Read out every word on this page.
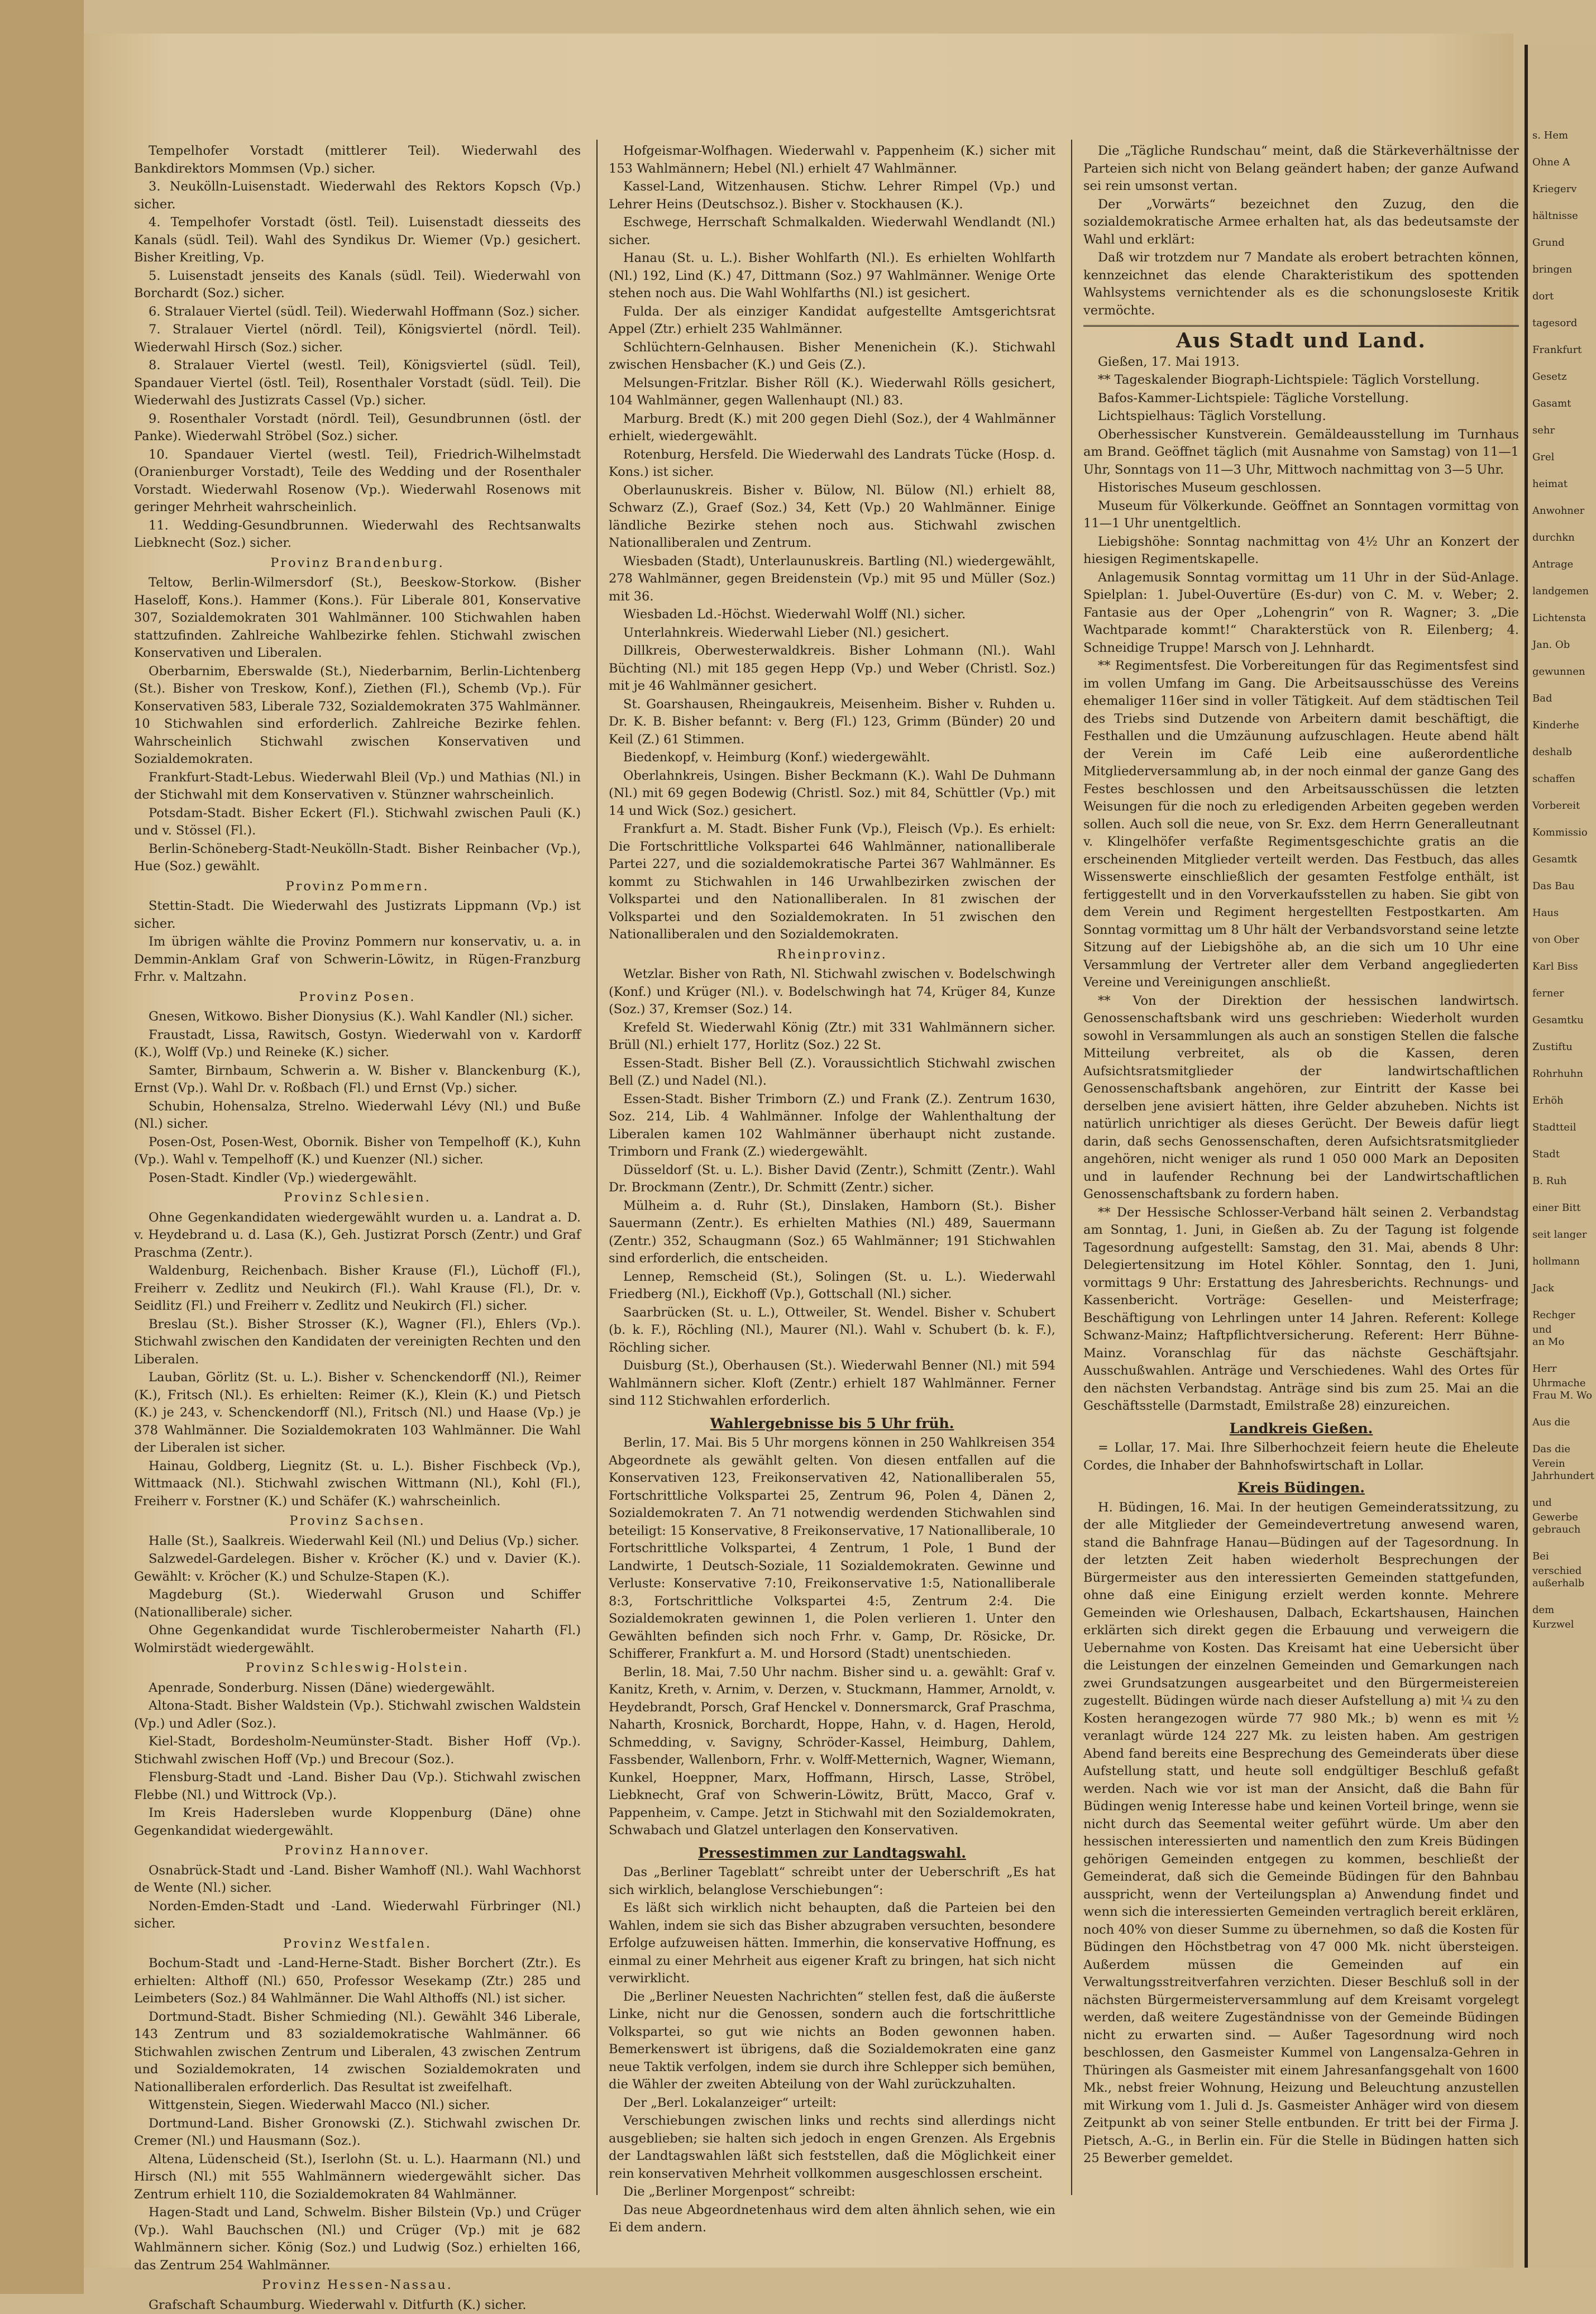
Tempelhofer Vorstadt (mittlerer Teil). Wiederwahl des Bankdirektors Mommsen (Vp.) sicher.

3. Neukölln-Luisenstadt. Wiederwahl des Rektors Kopsch (Vp.) sicher.

4. Tempelhofer Vorstadt (östl. Teil). Luisenstadt diesseits des Kanals (südl. Teil). Wahl des Syndikus Dr. Wiemer (Vp.) gesichert. Bisher Kreitling, Vp.

5. Luisenstadt jenseits des Kanals (südl. Teil). Wiederwahl von Borchardt (Soz.) sicher.

6. Stralauer Viertel (südl. Teil). Wiederwahl Hoffmann (Soz.) sicher.

7. Stralauer Viertel (nördl. Teil), Königsviertel (nördl. Teil). Wiederwahl Hirsch (Soz.) sicher.

8. Stralauer Viertel (westl. Teil), Königsviertel (südl. Teil), Spandauer Viertel (östl. Teil), Rosenthaler Vorstadt (südl. Teil). Die Wiederwahl des Justizrats Cassel (Vp.) sicher.

9. Rosenthaler Vorstadt (nördl. Teil), Gesundbrunnen (östl. der Panke). Wiederwahl Ströbel (Soz.) sicher.

10. Spandauer Viertel (westl. Teil), Friedrich-Wilhelmstadt (Oranienburger Vorstadt), Teile des Wedding und der Rosenthaler Vorstadt. Wiederwahl Rosenow (Vp.). Wiederwahl Rosenows mit geringer Mehrheit wahrscheinlich.

11. Wedding-Gesundbrunnen. Wiederwahl des Rechtsanwalts Liebknecht (Soz.) sicher.

Provinz Brandenburg.

Teltow, Berlin-Wilmersdorf (St.), Beeskow-Storkow. (Bisher Haseloff, Kons.). Hammer (Kons.). Für Liberale 801, Konservative 307, Sozialdemokraten 301 Wahlmänner. 100 Stichwahlen haben stattzufinden. Zahlreiche Wahlbezirke fehlen. Stichwahl zwischen Konservativen und Liberalen.

Oberbarnim, Eberswalde (St.), Niederbarnim, Berlin-Lichtenberg (St.). Bisher von Treskow, Konf.), Ziethen (Fl.), Schemb (Vp.). Für Konservativen 583, Liberale 732, Sozialdemokraten 375 Wahlmänner. 10 Stichwahlen sind erforderlich. Zahlreiche Bezirke fehlen. Wahrscheinlich Stichwahl zwischen Konservativen und Sozialdemokraten.

Frankfurt-Stadt-Lebus. Wiederwahl Bleil (Vp.) und Mathias (Nl.) in der Stichwahl mit dem Konservativen v. Stünzner wahrscheinlich.

Potsdam-Stadt. Bisher Eckert (Fl.). Stichwahl zwischen Pauli (K.) und v. Stössel (Fl.).

Berlin-Schöneberg-Stadt-Neukölln-Stadt. Bisher Reinbacher (Vp.), Hue (Soz.) gewählt.

Provinz Pommern.

Stettin-Stadt. Die Wiederwahl des Justizrats Lippmann (Vp.) ist sicher.

Im übrigen wählte die Provinz Pommern nur konservativ, u. a. in Demmin-Anklam Graf von Schwerin-Löwitz, in Rügen-Franzburg Frhr. v. Maltzahn.

Provinz Posen.

Gnesen, Witkowo. Bisher Dionysius (K.). Wahl Kandler (Nl.) sicher.

Fraustadt, Lissa, Rawitsch, Gostyn. Wiederwahl von v. Kardorff (K.), Wolff (Vp.) und Reineke (K.) sicher.

Samter, Birnbaum, Schwerin a. W. Bisher v. Blanckenburg (K.), Ernst (Vp.). Wahl Dr. v. Roßbach (Fl.) und Ernst (Vp.) sicher.

Schubin, Hohensalza, Strelno. Wiederwahl Lévy (Nl.) und Buße (Nl.) sicher.

Posen-Ost, Posen-West, Obornik. Bisher von Tempelhoff (K.), Kuhn (Vp.). Wahl v. Tempelhoff (K.) und Kuenzer (Nl.) sicher.

Posen-Stadt. Kindler (Vp.) wiedergewählt.

Provinz Schlesien.

Ohne Gegenkandidaten wiedergewählt wurden u. a. Landrat a. D. v. Heydebrand u. d. Lasa (K.), Geh. Justizrat Porsch (Zentr.) und Graf Praschma (Zentr.).

Waldenburg, Reichenbach. Bisher Krause (Fl.), Lüchoff (Fl.), Freiherr v. Zedlitz und Neukirch (Fl.). Wahl Krause (Fl.), Dr. v. Seidlitz (Fl.) und Freiherr v. Zedlitz und Neukirch (Fl.) sicher.

Breslau (St.). Bisher Strosser (K.), Wagner (Fl.), Ehlers (Vp.). Stichwahl zwischen den Kandidaten der vereinigten Rechten und den Liberalen.

Lauban, Görlitz (St. u. L.). Bisher v. Schenckendorff (Nl.), Reimer (K.), Fritsch (Nl.). Es erhielten: Reimer (K.), Klein (K.) und Pietsch (K.) je 243, v. Schenckendorff (Nl.), Fritsch (Nl.) und Haase (Vp.) je 378 Wahlmänner. Die Sozialdemokraten 103 Wahlmänner. Die Wahl der Liberalen ist sicher.

Hainau, Goldberg, Liegnitz (St. u. L.). Bisher Fischbeck (Vp.), Wittmaack (Nl.). Stichwahl zwischen Wittmann (Nl.), Kohl (Fl.), Freiherr v. Forstner (K.) und Schäfer (K.) wahrscheinlich.

Provinz Sachsen.

Halle (St.), Saalkreis. Wiederwahl Keil (Nl.) und Delius (Vp.) sicher.

Salzwedel-Gardelegen. Bisher v. Kröcher (K.) und v. Davier (K.). Gewählt: v. Kröcher (K.) und Schulze-Stapen (K.).

Magdeburg (St.). Wiederwahl Gruson und Schiffer (Nationalliberale) sicher.

Ohne Gegenkandidat wurde Tischlerobermeister Naharth (Fl.) Wolmirstädt wiedergewählt.

Provinz Schleswig-Holstein.

Apenrade, Sonderburg. Nissen (Däne) wiedergewählt.

Altona-Stadt. Bisher Waldstein (Vp.). Stichwahl zwischen Waldstein (Vp.) und Adler (Soz.).

Kiel-Stadt, Bordesholm-Neumünster-Stadt. Bisher Hoff (Vp.). Stichwahl zwischen Hoff (Vp.) und Brecour (Soz.).

Flensburg-Stadt und -Land. Bisher Dau (Vp.). Stichwahl zwischen Flebbe (Nl.) und Wittrock (Vp.).

Im Kreis Hadersleben wurde Kloppenburg (Däne) ohne Gegenkandidat wiedergewählt.

Provinz Hannover.

Osnabrück-Stadt und -Land. Bisher Wamhoff (Nl.). Wahl Wachhorst de Wente (Nl.) sicher.

Norden-Emden-Stadt und -Land. Wiederwahl Fürbringer (Nl.) sicher.

Provinz Westfalen.

Bochum-Stadt und -Land-Herne-Stadt. Bisher Borchert (Ztr.). Es erhielten: Althoff (Nl.) 650, Professor Wesekamp (Ztr.) 285 und Leimbeters (Soz.) 84 Wahlmänner. Die Wahl Althoffs (Nl.) ist sicher.

Dortmund-Stadt. Bisher Schmieding (Nl.). Gewählt 346 Liberale, 143 Zentrum und 83 sozialdemokratische Wahlmänner. 66 Stichwahlen zwischen Zentrum und Liberalen, 43 zwischen Zentrum und Sozialdemokraten, 14 zwischen Sozialdemokraten und Nationalliberalen erforderlich. Das Resultat ist zweifelhaft.

Wittgenstein, Siegen. Wiederwahl Macco (Nl.) sicher.

Dortmund-Land. Bisher Gronowski (Z.). Stichwahl zwischen Dr. Cremer (Nl.) und Hausmann (Soz.).

Altena, Lüdenscheid (St.), Iserlohn (St. u. L.). Haarmann (Nl.) und Hirsch (Nl.) mit 555 Wahlmännern wiedergewählt sicher. Das Zentrum erhielt 110, die Sozialdemokraten 84 Wahlmänner.

Hagen-Stadt und Land, Schwelm. Bisher Bilstein (Vp.) und Crüger (Vp.). Wahl Bauchschen (Nl.) und Crüger (Vp.) mit je 682 Wahlmännern sicher. König (Soz.) und Ludwig (Soz.) erhielten 166, das Zentrum 254 Wahlmänner.

Provinz Hessen-Nassau.

Grafschaft Schaumburg. Wiederwahl v. Ditfurth (K.) sicher.

Hofgeismar-Wolfhagen. Wiederwahl v. Pappenheim (K.) sicher mit 153 Wahlmännern; Hebel (Nl.) erhielt 47 Wahlmänner.

Kassel-Land, Witzenhausen. Stichw. Lehrer Rimpel (Vp.) und Lehrer Heins (Deutschsoz.). Bisher v. Stockhausen (K.).

Eschwege, Herrschaft Schmalkalden. Wiederwahl Wendlandt (Nl.) sicher.

Hanau (St. u. L.). Bisher Wohlfarth (Nl.). Es erhielten Wohlfarth (Nl.) 192, Lind (K.) 47, Dittmann (Soz.) 97 Wahlmänner. Wenige Orte stehen noch aus. Die Wahl Wohlfarths (Nl.) ist gesichert.

Fulda. Der als einziger Kandidat aufgestellte Amtsgerichtsrat Appel (Ztr.) erhielt 235 Wahlmänner.

Schlüchtern-Gelnhausen. Bisher Menenichein (K.). Stichwahl zwischen Hensbacher (K.) und Geis (Z.).

Melsungen-Fritzlar. Bisher Röll (K.). Wiederwahl Rölls gesichert, 104 Wahlmänner, gegen Wallenhaupt (Nl.) 83.

Marburg. Bredt (K.) mit 200 gegen Diehl (Soz.), der 4 Wahlmänner erhielt, wiedergewählt.

Rotenburg, Hersfeld. Die Wiederwahl des Landrats Tücke (Hosp. d. Kons.) ist sicher.

Oberlaunuskreis. Bisher v. Bülow, Nl. Bülow (Nl.) erhielt 88, Schwarz (Z.), Graef (Soz.) 34, Kett (Vp.) 20 Wahlmänner. Einige ländliche Bezirke stehen noch aus. Stichwahl zwischen Nationalliberalen und Zentrum.

Wiesbaden (Stadt), Unterlaunuskreis. Bartling (Nl.) wiedergewählt, 278 Wahlmänner, gegen Breidenstein (Vp.) mit 95 und Müller (Soz.) mit 36.

Wiesbaden Ld.-Höchst. Wiederwahl Wolff (Nl.) sicher.

Unterlahnkreis. Wiederwahl Lieber (Nl.) gesichert.

Dillkreis, Oberwesterwaldkreis. Bisher Lohmann (Nl.). Wahl Büchting (Nl.) mit 185 gegen Hepp (Vp.) und Weber (Christl. Soz.) mit je 46 Wahlmänner gesichert.

St. Goarshausen, Rheingaukreis, Meisenheim. Bisher v. Ruhden u. Dr. K. B. Bisher befannt: v. Berg (Fl.) 123, Grimm (Bünder) 20 und Keil (Z.) 61 Stimmen.

Biedenkopf, v. Heimburg (Konf.) wiedergewählt.

Oberlahnkreis, Usingen. Bisher Beckmann (K.). Wahl De Duhmann (Nl.) mit 69 gegen Bodewig (Christl. Soz.) mit 84, Schüttler (Vp.) mit 14 und Wick (Soz.) gesichert.

Frankfurt a. M. Stadt. Bisher Funk (Vp.), Fleisch (Vp.). Es erhielt: Die Fortschrittliche Volkspartei 646 Wahlmänner, nationalliberale Partei 227, und die sozialdemokratische Partei 367 Wahlmänner. Es kommt zu Stichwahlen in 146 Urwahlbezirken zwischen der Volkspartei und den Nationalliberalen. In 81 zwischen der Volkspartei und den Sozialdemokraten. In 51 zwischen den Nationalliberalen und den Sozialdemokraten.

Rheinprovinz.

Wetzlar. Bisher von Rath, Nl. Stichwahl zwischen v. Bodelschwingh (Konf.) und Krüger (Nl.). v. Bodelschwingh hat 74, Krüger 84, Kunze (Soz.) 37, Kremser (Soz.) 14.

Krefeld St. Wiederwahl König (Ztr.) mit 331 Wahlmännern sicher. Brüll (Nl.) erhielt 177, Horlitz (Soz.) 22 St.

Essen-Stadt. Bisher Bell (Z.). Voraussichtlich Stichwahl zwischen Bell (Z.) und Nadel (Nl.).

Essen-Stadt. Bisher Trimborn (Z.) und Frank (Z.). Zentrum 1630, Soz. 214, Lib. 4 Wahlmänner. Infolge der Wahlenthaltung der Liberalen kamen 102 Wahlmänner überhaupt nicht zustande. Trimborn und Frank (Z.) wiedergewählt.

Düsseldorf (St. u. L.). Bisher David (Zentr.), Schmitt (Zentr.). Wahl Dr. Brockmann (Zentr.), Dr. Schmitt (Zentr.) sicher.

Mülheim a. d. Ruhr (St.), Dinslaken, Hamborn (St.). Bisher Sauermann (Zentr.). Es erhielten Mathies (Nl.) 489, Sauermann (Zentr.) 352, Schaugmann (Soz.) 65 Wahlmänner; 191 Stichwahlen sind erforderlich, die entscheiden.

Lennep, Remscheid (St.), Solingen (St. u. L.). Wiederwahl Friedberg (Nl.), Eickhoff (Vp.), Gottschall (Nl.) sicher.

Saarbrücken (St. u. L.), Ottweiler, St. Wendel. Bisher v. Schubert (b. k. F.), Röchling (Nl.), Maurer (Nl.). Wahl v. Schubert (b. k. F.), Röchling sicher.

Duisburg (St.), Oberhausen (St.). Wiederwahl Benner (Nl.) mit 594 Wahlmännern sicher. Kloft (Zentr.) erhielt 187 Wahlmänner. Ferner sind 112 Stichwahlen erforderlich.

Wahlergebnisse bis 5 Uhr früh.

Berlin, 17. Mai. Bis 5 Uhr morgens können in 250 Wahlkreisen 354 Abgeordnete als gewählt gelten. Von diesen entfallen auf die Konservativen 123, Freikonservativen 42, Nationalliberalen 55, Fortschrittliche Volkspartei 25, Zentrum 96, Polen 4, Dänen 2, Sozialdemokraten 7. An 71 notwendig werdenden Stichwahlen sind beteiligt: 15 Konservative, 8 Freikonservative, 17 Nationalliberale, 10 Fortschrittliche Volkspartei, 4 Zentrum, 1 Pole, 1 Bund der Landwirte, 1 Deutsch-Soziale, 11 Sozialdemokraten. Gewinne und Verluste: Konservative 7:10, Freikonservative 1:5, Nationalliberale 8:3, Fortschrittliche Volkspartei 4:5, Zentrum 2:4. Die Sozialdemokraten gewinnen 1, die Polen verlieren 1. Unter den Gewählten befinden sich noch Frhr. v. Gamp, Dr. Rösicke, Dr. Schifferer, Frankfurt a. M. und Horsord (Stadt) unentschieden.

Berlin, 18. Mai, 7.50 Uhr nachm. Bisher sind u. a. gewählt: Graf v. Kanitz, Kreth, v. Arnim, v. Derzen, v. Stuckmann, Hammer, Arnoldt, v. Heydebrandt, Porsch, Graf Henckel v. Donnersmarck, Graf Praschma, Naharth, Krosnick, Borchardt, Hoppe, Hahn, v. d. Hagen, Herold, Schmedding, v. Savigny, Schröder-Kassel, Heimburg, Dahlem, Fassbender, Wallenborn, Frhr. v. Wolff-Metternich, Wagner, Wiemann, Kunkel, Hoeppner, Marx, Hoffmann, Hirsch, Lasse, Ströbel, Liebknecht, Graf von Schwerin-Löwitz, Brütt, Macco, Graf v. Pappenheim, v. Campe. Jetzt in Stichwahl mit den Sozialdemokraten, Schwabach und Glatzel unterlagen den Konservativen.

Pressestimmen zur Landtagswahl.

Das „Berliner Tageblatt“ schreibt unter der Ueberschrift „Es hat sich wirklich, belanglose Verschiebungen“:

Es läßt sich wirklich nicht behaupten, daß die Parteien bei den Wahlen, indem sie sich das Bisher abzugraben versuchten, besondere Erfolge aufzuweisen hätten. Immerhin, die konservative Hoffnung, es einmal zu einer Mehrheit aus eigener Kraft zu bringen, hat sich nicht verwirklicht.

Die „Berliner Neuesten Nachrichten“ stellen fest, daß die äußerste Linke, nicht nur die Genossen, sondern auch die fortschrittliche Volkspartei, so gut wie nichts an Boden gewonnen haben. Bemerkenswert ist übrigens, daß die Sozialdemokraten eine ganz neue Taktik verfolgen, indem sie durch ihre Schlepper sich bemühen, die Wähler der zweiten Abteilung von der Wahl zurückzuhalten.

Der „Berl. Lokalanzeiger“ urteilt:

Verschiebungen zwischen links und rechts sind allerdings nicht ausgeblieben; sie halten sich jedoch in engen Grenzen. Als Ergebnis der Landtagswahlen läßt sich feststellen, daß die Möglichkeit einer rein konservativen Mehrheit vollkommen ausgeschlossen erscheint.

Die „Berliner Morgenpost“ schreibt:

Das neue Abgeordnetenhaus wird dem alten ähnlich sehen, wie ein Ei dem andern.

Die „Tägliche Rundschau“ meint, daß die Stärkeverhältnisse der Parteien sich nicht von Belang geändert haben; der ganze Aufwand sei rein umsonst vertan.

Der „Vorwärts“ bezeichnet den Zuzug, den die sozialdemokratische Armee erhalten hat, als das bedeutsamste der Wahl und erklärt:

Daß wir trotzdem nur 7 Mandate als erobert betrachten können, kennzeichnet das elende Charakteristikum des spottenden Wahlsystems vernichtender als es die schonungsloseste Kritik vermöchte.

Aus Stadt und Land.

Gießen, 17. Mai 1913.

** Tageskalender Biograph-Lichtspiele: Täglich Vorstellung.

Bafos-Kammer-Lichtspiele: Tägliche Vorstellung.

Lichtspielhaus: Täglich Vorstellung.

Oberhessischer Kunstverein. Gemäldeausstellung im Turnhaus am Brand. Geöffnet täglich (mit Ausnahme von Samstag) von 11—1 Uhr, Sonntags von 11—3 Uhr, Mittwoch nachmittag von 3—5 Uhr.

Historisches Museum geschlossen.

Museum für Völkerkunde. Geöffnet an Sonntagen vormittag von 11—1 Uhr unentgeltlich.

Liebigshöhe: Sonntag nachmittag von 4½ Uhr an Konzert der hiesigen Regimentskapelle.

Anlagemusik Sonntag vormittag um 11 Uhr in der Süd-Anlage. Spielplan: 1. Jubel-Ouvertüre (Es-dur) von C. M. v. Weber; 2. Fantasie aus der Oper „Lohengrin“ von R. Wagner; 3. „Die Wachtparade kommt!“ Charakterstück von R. Eilenberg; 4. Schneidige Truppe! Marsch von J. Lehnhardt.

** Regimentsfest. Die Vorbereitungen für das Regimentsfest sind im vollen Umfang im Gang. Die Arbeitsausschüsse des Vereins ehemaliger 116er sind in voller Tätigkeit. Auf dem städtischen Teil des Triebs sind Dutzende von Arbeitern damit beschäftigt, die Festhallen und die Umzäunung aufzuschlagen. Heute abend hält der Verein im Café Leib eine außerordentliche Mitgliederversammlung ab, in der noch einmal der ganze Gang des Festes beschlossen und den Arbeitsausschüssen die letzten Weisungen für die noch zu erledigenden Arbeiten gegeben werden sollen. Auch soll die neue, von Sr. Exz. dem Herrn Generalleutnant v. Klingelhöfer verfaßte Regimentsgeschichte gratis an die erscheinenden Mitglieder verteilt werden. Das Festbuch, das alles Wissenswerte einschließlich der gesamten Festfolge enthält, ist fertiggestellt und in den Vorverkaufsstellen zu haben. Sie gibt von dem Verein und Regiment hergestellten Festpostkarten. Am Sonntag vormittag um 8 Uhr hält der Verbandsvorstand seine letzte Sitzung auf der Liebigshöhe ab, an die sich um 10 Uhr eine Versammlung der Vertreter aller dem Verband angegliederten Vereine und Vereinigungen anschließt.

** Von der Direktion der hessischen landwirtsch. Genossenschaftsbank wird uns geschrieben: Wiederholt wurden sowohl in Versammlungen als auch an sonstigen Stellen die falsche Mitteilung verbreitet, als ob die Kassen, deren Aufsichtsratsmitglieder der landwirtschaftlichen Genossenschaftsbank angehören, zur Eintritt der Kasse bei derselben jene avisiert hätten, ihre Gelder abzuheben. Nichts ist natürlich unrichtiger als dieses Gerücht. Der Beweis dafür liegt darin, daß sechs Genossenschaften, deren Aufsichtsratsmitglieder angehören, nicht weniger als rund 1 050 000 Mark an Depositen und in laufender Rechnung bei der Landwirtschaftlichen Genossenschaftsbank zu fordern haben.

** Der Hessische Schlosser-Verband hält seinen 2. Verbandstag am Sonntag, 1. Juni, in Gießen ab. Zu der Tagung ist folgende Tagesordnung aufgestellt: Samstag, den 31. Mai, abends 8 Uhr: Delegiertensitzung im Hotel Köhler. Sonntag, den 1. Juni, vormittags 9 Uhr: Erstattung des Jahresberichts. Rechnungs- und Kassenbericht. Vorträge: Gesellen- und Meisterfrage; Beschäftigung von Lehrlingen unter 14 Jahren. Referent: Kollege Schwanz-Mainz; Haftpflichtversicherung. Referent: Herr Bühne-Mainz. Voranschlag für das nächste Geschäftsjahr. Ausschußwahlen. Anträge und Verschiedenes. Wahl des Ortes für den nächsten Verbandstag. Anträge sind bis zum 25. Mai an die Geschäftsstelle (Darmstadt, Emilstraße 28) einzureichen.

Landkreis Gießen.

= Lollar, 17. Mai. Ihre Silberhochzeit feiern heute die Eheleute Cordes, die Inhaber der Bahnhofswirtschaft in Lollar.

Kreis Büdingen.

H. Büdingen, 16. Mai. In der heutigen Gemeinderatssitzung, zu der alle Mitglieder der Gemeindevertretung anwesend waren, stand die Bahnfrage Hanau—Büdingen auf der Tagesordnung. In der letzten Zeit haben wiederholt Besprechungen der Bürgermeister aus den interessierten Gemeinden stattgefunden, ohne daß eine Einigung erzielt werden konnte. Mehrere Gemeinden wie Orleshausen, Dalbach, Eckartshausen, Hainchen erklärten sich direkt gegen die Erbauung und verweigern die Uebernahme von Kosten. Das Kreisamt hat eine Uebersicht über die Leistungen der einzelnen Gemeinden und Gemarkungen nach zwei Grundsatzungen ausgearbeitet und den Bürgermeistereien zugestellt. Büdingen würde nach dieser Aufstellung a) mit ¼ zu den Kosten herangezogen würde 77 980 Mk.; b) wenn es mit ½ veranlagt würde 124 227 Mk. zu leisten haben. Am gestrigen Abend fand bereits eine Besprechung des Gemeinderats über diese Aufstellung statt, und heute soll endgültiger Beschluß gefaßt werden. Nach wie vor ist man der Ansicht, daß die Bahn für Büdingen wenig Interesse habe und keinen Vorteil bringe, wenn sie nicht durch das Seemental weiter geführt würde. Um aber den hessischen interessierten und namentlich den zum Kreis Büdingen gehörigen Gemeinden entgegen zu kommen, beschließt der Gemeinderat, daß sich die Gemeinde Büdingen für den Bahnbau ausspricht, wenn der Verteilungsplan a) Anwendung findet und wenn sich die interessierten Gemeinden vertraglich bereit erklären, noch 40% von dieser Summe zu übernehmen, so daß die Kosten für Büdingen den Höchstbetrag von 47 000 Mk. nicht übersteigen. Außerdem müssen die Gemeinden auf ein Verwaltungsstreitverfahren verzichten. Dieser Beschluß soll in der nächsten Bürgermeisterversammlung auf dem Kreisamt vorgelegt werden, daß weitere Zugeständnisse von der Gemeinde Büdingen nicht zu erwarten sind. — Außer Tagesordnung wird noch beschlossen, den Gasmeister Kummel von Langensalza-Gehren in Thüringen als Gasmeister mit einem Jahresanfangsgehalt von 1600 Mk., nebst freier Wohnung, Heizung und Beleuchtung anzustellen mit Wirkung vom 1. Juli d. Js. Gasmeister Anhäger wird von diesem Zeitpunkt ab von seiner Stelle entbunden. Er tritt bei der Firma J. Pietsch, A.-G., in Berlin ein. Für die Stelle in Büdingen hatten sich 25 Bewerber gemeldet.

s. Hem
Ohne A
Kriegerv
hältnisse
Grund
bringen
dort
tagesord
Frankfurt
Gesetz
Gasamt
sehr
Grel
heimat
Anwohner
durchkn
Antrage
landgemen
Lichtensta
Jan. Ob
gewunnen
Bad
Kinderhe
deshalb
schaffen
Vorbereit
Kommissio
Gesamtk
Das Bau
Haus
von Ober
Karl Biss
ferner
Gesamtku
Zustiftu
Rohrhuhn
Erhöh
Stadtteil
Stadt
B. Ruh
einer Bitt
seit langer
hollmann
Jack
Rechger und
an Mo
Herr Uhrmache
Frau M. Wo
Aus die
Das die Verein
Jahrhundert
und Gewerbe
gebrauch
Bei verschied
außerhalb
dem Kurzwel
